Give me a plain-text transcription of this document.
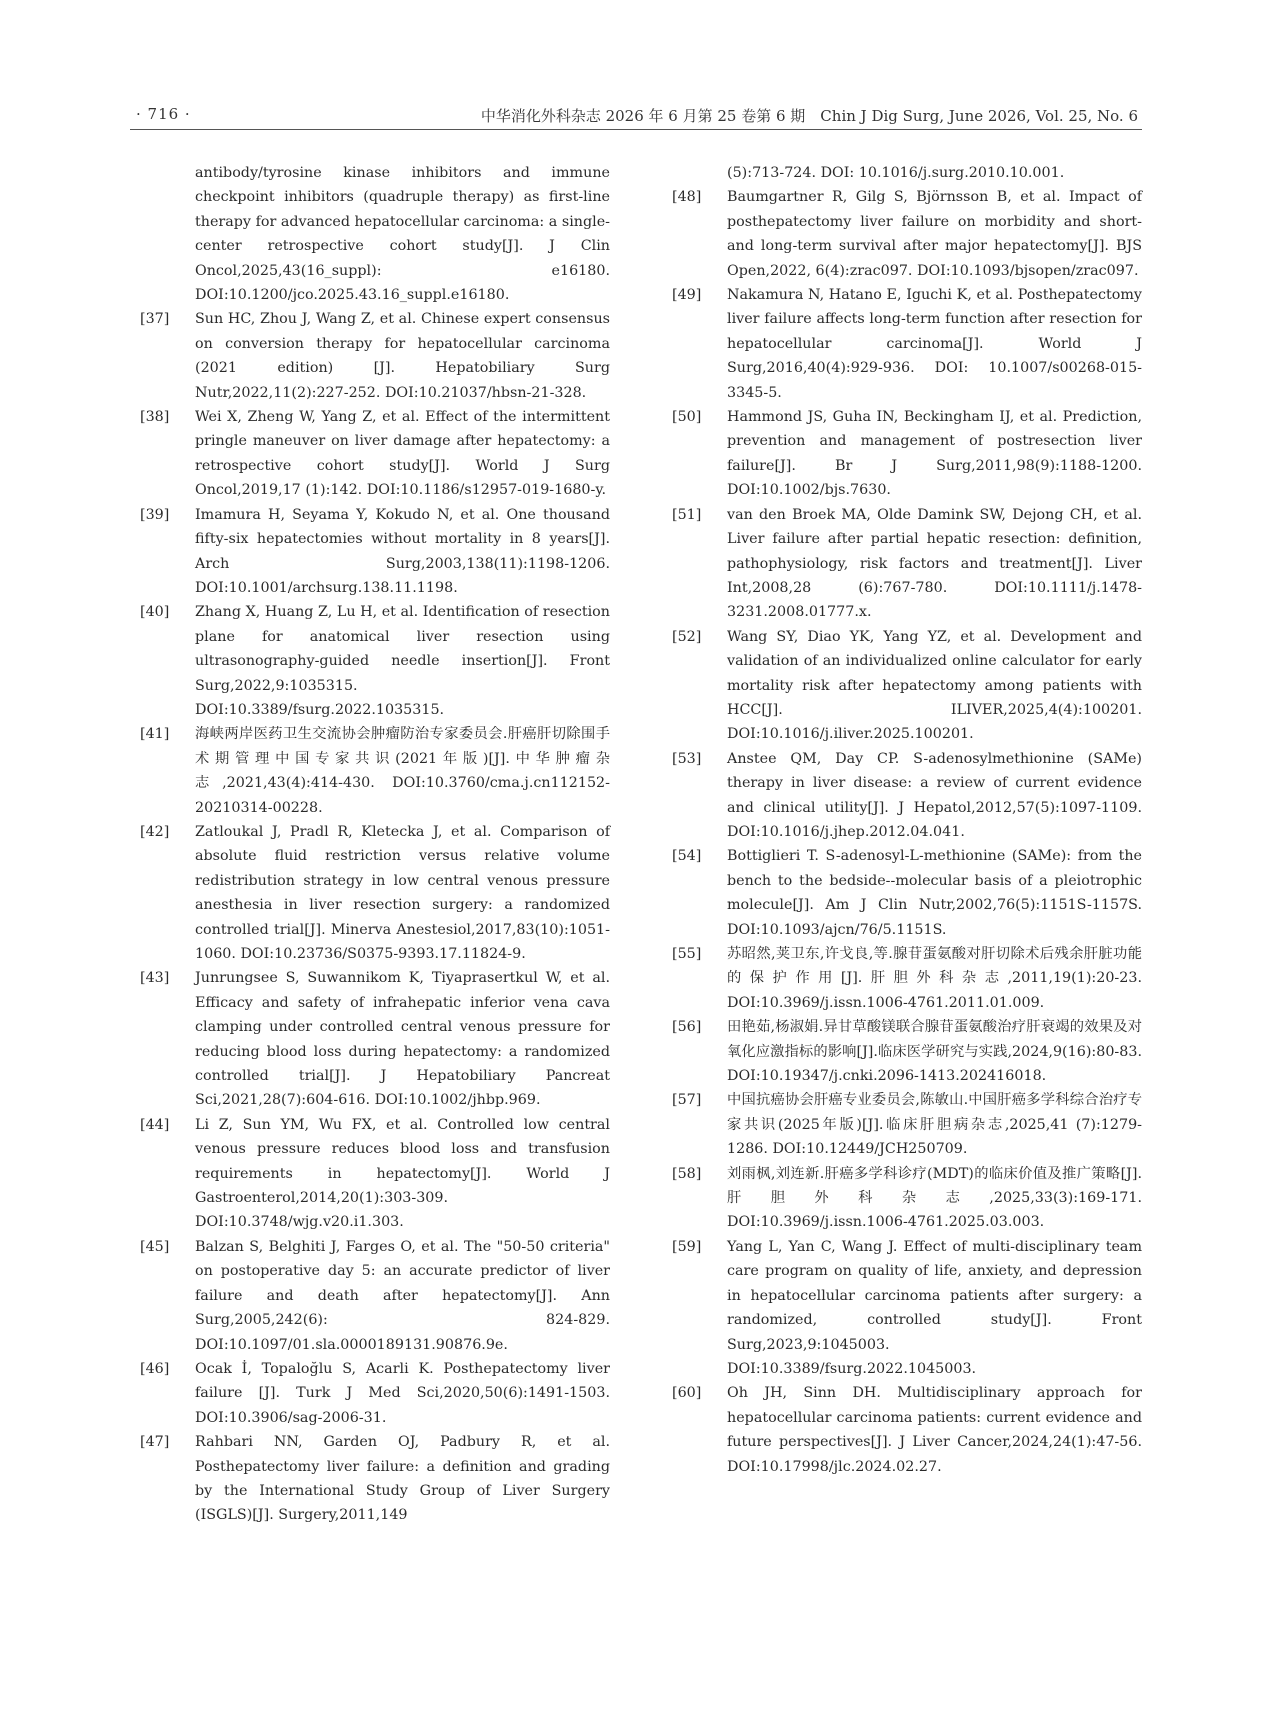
· 716 ·	中华消化外科杂志 2026 年 6 月第 25 卷第 6 期　Chin J Dig Surg, June 2026, Vol. 25, No. 6
antibody/tyrosine kinase inhibitors and immune checkpoint inhibitors (quadruple therapy) as first-line therapy for advanced hepatocellular carcinoma: a single-center retrospective cohort study[J]. J Clin Oncol,2025,43(16_suppl): e16180. DOI:10.1200/jco.2025.43.16_suppl.e16180.
[37] Sun HC, Zhou J, Wang Z, et al. Chinese expert consensus on conversion therapy for hepatocellular carcinoma (2021 edition) [J]. Hepatobiliary Surg Nutr,2022,11(2):227-252. DOI:10.21037/hbsn-21-328.
[38] Wei X, Zheng W, Yang Z, et al. Effect of the intermittent pringle maneuver on liver damage after hepatectomy: a retrospective cohort study[J]. World J Surg Oncol,2019,17 (1):142. DOI:10.1186/s12957-019-1680-y.
[39] Imamura H, Seyama Y, Kokudo N, et al. One thousand fifty-six hepatectomies without mortality in 8 years[J]. Arch Surg,2003,138(11):1198-1206. DOI:10.1001/archsurg.138.11.1198.
[40] Zhang X, Huang Z, Lu H, et al. Identification of resection plane for anatomical liver resection using ultrasonography-guided needle insertion[J]. Front Surg,2022,9:1035315. DOI:10.3389/fsurg.2022.1035315.
[41] 海峡两岸医药卫生交流协会肿瘤防治专家委员会.肝癌肝切除围手术期管理中国专家共识(2021年版)[J].中华肿瘤杂志,2021,43(4):414-430. DOI:10.3760/cma.j.cn112152-20210314-00228.
[42] Zatloukal J, Pradl R, Kletecka J, et al. Comparison of absolute fluid restriction versus relative volume redistribution strategy in low central venous pressure anesthesia in liver resection surgery: a randomized controlled trial[J]. Minerva Anestesiol,2017,83(10):1051-1060. DOI:10.23736/S0375-9393.17.11824-9.
[43] Junrungsee S, Suwannikom K, Tiyaprasertkul W, et al. Efficacy and safety of infrahepatic inferior vena cava clamping under controlled central venous pressure for reducing blood loss during hepatectomy: a randomized controlled trial[J]. J Hepatobiliary Pancreat Sci,2021,28(7):604-616. DOI:10.1002/jhbp.969.
[44] Li Z, Sun YM, Wu FX, et al. Controlled low central venous pressure reduces blood loss and transfusion requirements in hepatectomy[J]. World J Gastroenterol,2014,20(1):303-309. DOI:10.3748/wjg.v20.i1.303.
[45] Balzan S, Belghiti J, Farges O, et al. The "50-50 criteria" on postoperative day 5: an accurate predictor of liver failure and death after hepatectomy[J]. Ann Surg,2005,242(6): 824-829. DOI:10.1097/01.sla.0000189131.90876.9e.
[46] Ocak İ, Topaloğlu S, Acarli K. Posthepatectomy liver failure [J]. Turk J Med Sci,2020,50(6):1491-1503. DOI:10.3906/sag-2006-31.
[47] Rahbari NN, Garden OJ, Padbury R, et al. Posthepatectomy liver failure: a definition and grading by the International Study Group of Liver Surgery (ISGLS)[J]. Surgery,2011,149
(5):713-724. DOI: 10.1016/j.surg.2010.10.001.
[48] Baumgartner R, Gilg S, Björnsson B, et al. Impact of posthepatectomy liver failure on morbidity and short- and long-term survival after major hepatectomy[J]. BJS Open,2022, 6(4):zrac097. DOI:10.1093/bjsopen/zrac097.
[49] Nakamura N, Hatano E, Iguchi K, et al. Posthepatectomy liver failure affects long-term function after resection for hepatocellular carcinoma[J]. World J Surg,2016,40(4):929-936. DOI: 10.1007/s00268-015-3345-5.
[50] Hammond JS, Guha IN, Beckingham IJ, et al. Prediction, prevention and management of postresection liver failure[J]. Br J Surg,2011,98(9):1188-1200. DOI:10.1002/bjs.7630.
[51] van den Broek MA, Olde Damink SW, Dejong CH, et al. Liver failure after partial hepatic resection: definition, pathophysiology, risk factors and treatment[J]. Liver Int,2008,28 (6):767-780. DOI:10.1111/j.1478-3231.2008.01777.x.
[52] Wang SY, Diao YK, Yang YZ, et al. Development and validation of an individualized online calculator for early mortality risk after hepatectomy among patients with HCC[J]. ILIVER,2025,4(4):100201. DOI:10.1016/j.iliver.2025.100201.
[53] Anstee QM, Day CP. S-adenosylmethionine (SAMe) therapy in liver disease: a review of current evidence and clinical utility[J]. J Hepatol,2012,57(5):1097-1109. DOI:10.1016/j.jhep.2012.04.041.
[54] Bottiglieri T. S-adenosyl-L-methionine (SAMe): from the bench to the bedside--molecular basis of a pleiotrophic molecule[J]. Am J Clin Nutr,2002,76(5):1151S-1157S. DOI:10.1093/ajcn/76/5.1151S.
[55] 苏昭然,荚卫东,许戈良,等.腺苷蛋氨酸对肝切除术后残余肝脏功能的保护作用[J].肝胆外科杂志,2011,19(1):20-23. DOI:10.3969/j.issn.1006-4761.2011.01.009.
[56] 田艳茹,杨淑娟.异甘草酸镁联合腺苷蛋氨酸治疗肝衰竭的效果及对氧化应激指标的影响[J].临床医学研究与实践,2024,9(16):80-83. DOI:10.19347/j.cnki.2096-1413.202416018.
[57] 中国抗癌协会肝癌专业委员会,陈敏山.中国肝癌多学科综合治疗专家共识(2025年版)[J].临床肝胆病杂志,2025,41 (7):1279-1286. DOI:10.12449/JCH250709.
[58] 刘雨枫,刘连新.肝癌多学科诊疗(MDT)的临床价值及推广策略[J].肝胆外科杂志,2025,33(3):169-171. DOI:10.3969/j.issn.1006-4761.2025.03.003.
[59] Yang L, Yan C, Wang J. Effect of multi-disciplinary team care program on quality of life, anxiety, and depression in hepatocellular carcinoma patients after surgery: a randomized, controlled study[J]. Front Surg,2023,9:1045003. DOI:10.3389/fsurg.2022.1045003.
[60] Oh JH, Sinn DH. Multidisciplinary approach for hepatocellular carcinoma patients: current evidence and future perspectives[J]. J Liver Cancer,2024,24(1):47-56. DOI:10.17998/jlc.2024.02.27.
